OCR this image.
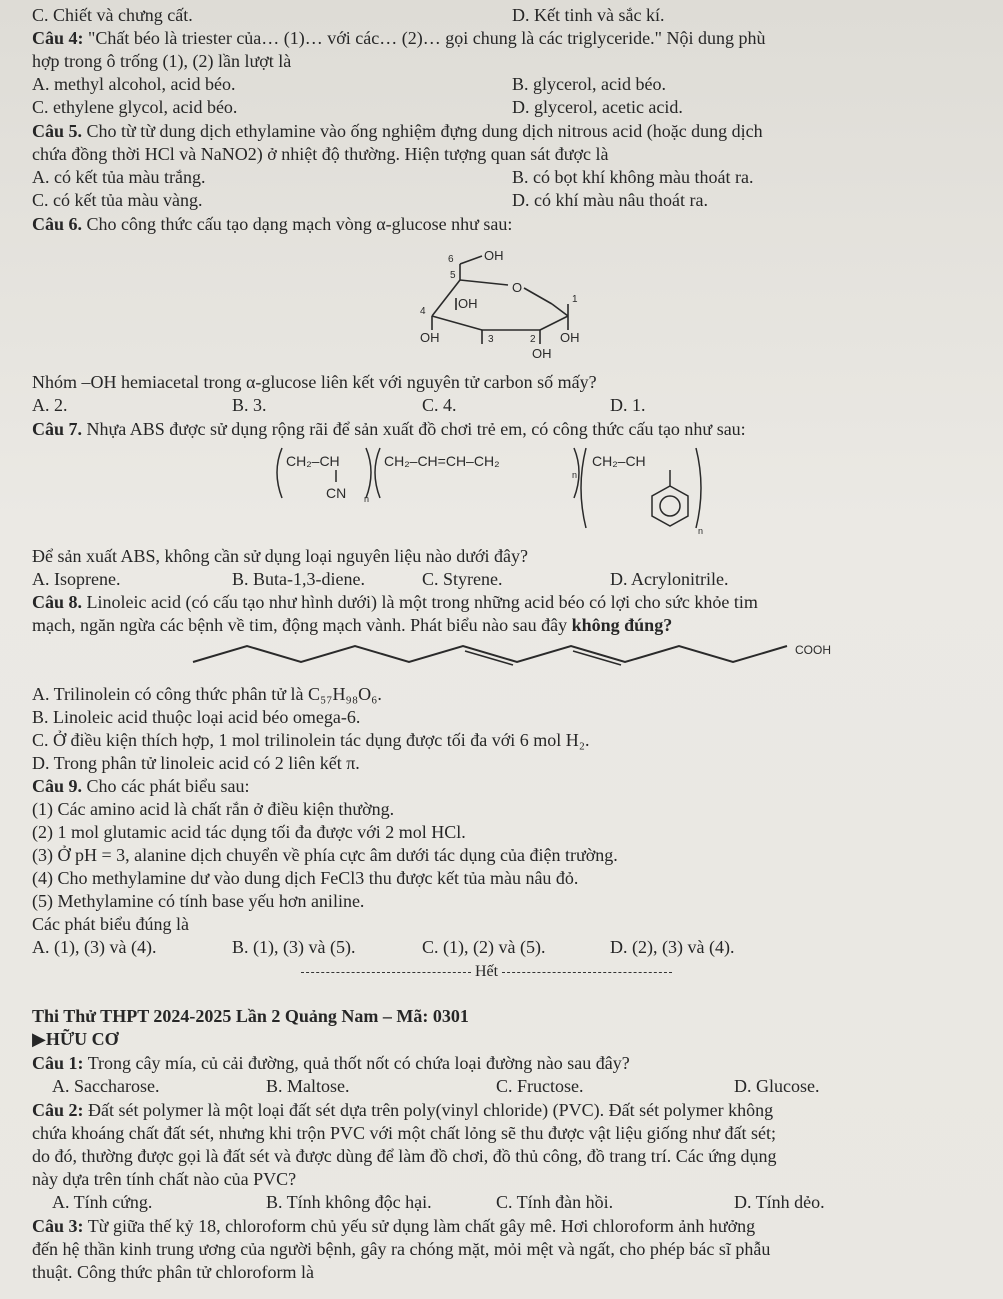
C. Chiết và chưng cất.	D. Kết tinh và sắc kí.
Câu 4: "Chất béo là triester của… (1)… với các… (2)… gọi chung là các triglyceride." Nội dung phù
hợp trong ô trống (1), (2) lần lượt là
A. methyl alcohol, acid béo.	B. glycerol, acid béo.
C. ethylene glycol, acid béo.	D. glycerol, acetic acid.
Câu 5. Cho từ từ dung dịch ethylamine vào ống nghiệm đựng dung dịch nitrous acid (hoặc dung dịch
chứa đồng thời HCl và NaNO2) ở nhiệt độ thường. Hiện tượng quan sát được là
A. có kết tủa màu trắng.	B. có bọt khí không màu thoát ra.
C. có kết tủa màu vàng.	D. có khí màu nâu thoát ra.
Câu 6. Cho công thức cấu tạo dạng mạch vòng α-glucose như sau:
OH
6
5
O
4
OH	1
OH	3	2 OH
OH
Nhóm –OH hemiacetal trong α-glucose liên kết với nguyên tử carbon số mấy?
A. 2.	B. 3.	C. 4.	D. 1.
Câu 7. Nhựa ABS được sử dụng rộng rãi để sản xuất đồ chơi trẻ em, có công thức cấu tạo như sau:
CH₂–CH
CN n
CH₂–CH=CH–CH₂
n
CH₂–CH
n
Để sản xuất ABS, không cần sử dụng loại nguyên liệu nào dưới đây?
A. Isoprene.	B. Buta-1,3-diene.	C. Styrene.	D. Acrylonitrile.
Câu 8. Linoleic acid (có cấu tạo như hình dưới) là một trong những acid béo có lợi cho sức khỏe tim
mạch, ngăn ngừa các bệnh về tim, động mạch vành. Phát biểu nào sau đây không đúng?
COOH
A. Trilinolein có công thức phân tử là C₅₇H₉₈O₆.
B. Linoleic acid thuộc loại acid béo omega-6.
C. Ở điều kiện thích hợp, 1 mol trilinolein tác dụng được tối đa với 6 mol H₂.
D. Trong phân tử linoleic acid có 2 liên kết π.
Câu 9. Cho các phát biểu sau:
(1) Các amino acid là chất rắn ở điều kiện thường.
(2) 1 mol glutamic acid tác dụng tối đa được với 2 mol HCl.
(3) Ở pH = 3, alanine dịch chuyển về phía cực âm dưới tác dụng của điện trường.
(4) Cho methylamine dư vào dung dịch FeCl3 thu được kết tủa màu nâu đỏ.
(5) Methylamine có tính base yếu hơn aniline.
Các phát biểu đúng là
A. (1), (3) và (4).	B. (1), (3) và (5).	C. (1), (2) và (5).	D. (2), (3) và (4).
Hết
Thi Thử THPT 2024-2025 Lần 2 Quảng Nam – Mã: 0301
▶HỮU CƠ
Câu 1: Trong cây mía, củ cải đường, quả thốt nốt có chứa loại đường nào sau đây?
A. Saccharose.	B. Maltose.	C. Fructose.	D. Glucose.
Câu 2: Đất sét polymer là một loại đất sét dựa trên poly(vinyl chloride) (PVC). Đất sét polymer không
chứa khoáng chất đất sét, nhưng khi trộn PVC với một chất lỏng sẽ thu được vật liệu giống như đất sét;
do đó, thường được gọi là đất sét và được dùng để làm đồ chơi, đồ thủ công, đồ trang trí. Các ứng dụng
này dựa trên tính chất nào của PVC?
A. Tính cứng.	B. Tính không độc hại.	C. Tính đàn hồi.	D. Tính dẻo.
Câu 3: Từ giữa thế kỷ 18, chloroform chủ yếu sử dụng làm chất gây mê. Hơi chloroform ảnh hưởng
đến hệ thần kinh trung ương của người bệnh, gây ra chóng mặt, mỏi mệt và ngất, cho phép bác sĩ phẫu
thuật. Công thức phân tử chloroform là
